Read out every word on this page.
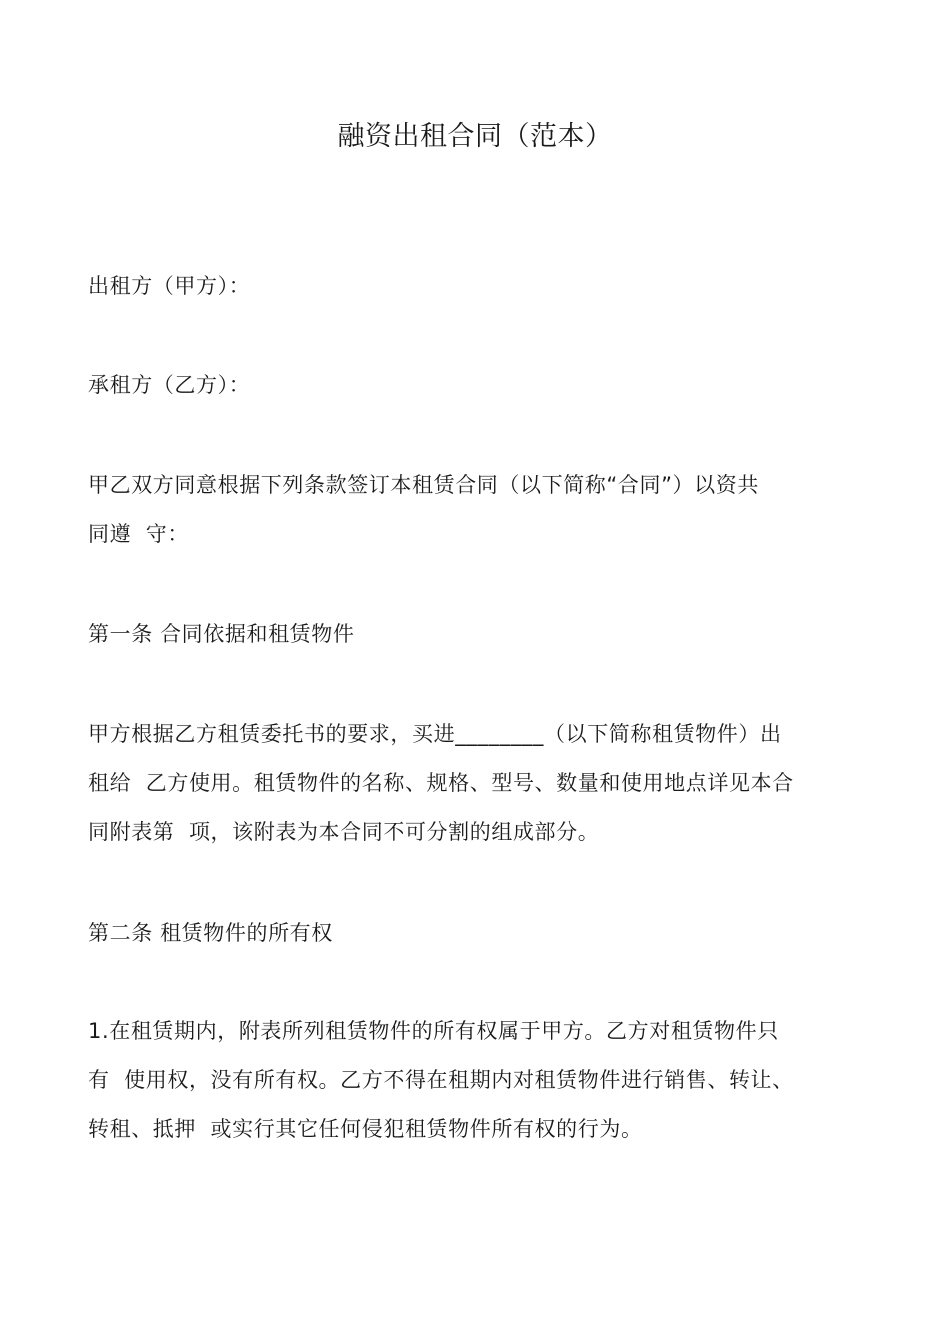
融资出租合同（范本）

出租方（甲方）：

承租方（乙方）：

甲乙双方同意根据下列条款签订本租赁合同（以下简称“合同”）以资共
同遵  守：

第一条 合同依据和租赁物件

甲方根据乙方租赁委托书的要求，买进________（以下简称租赁物件）出
租给  乙方使用。租赁物件的名称、规格、型号、数量和使用地点详见本合
同附表第  项，该附表为本合同不可分割的组成部分。

第二条 租赁物件的所有权

1.在租赁期内，附表所列租赁物件的所有权属于甲方。乙方对租赁物件只
有  使用权，没有所有权。乙方不得在租期内对租赁物件进行销售、转让、
转租、抵押  或实行其它任何侵犯租赁物件所有权的行为。
